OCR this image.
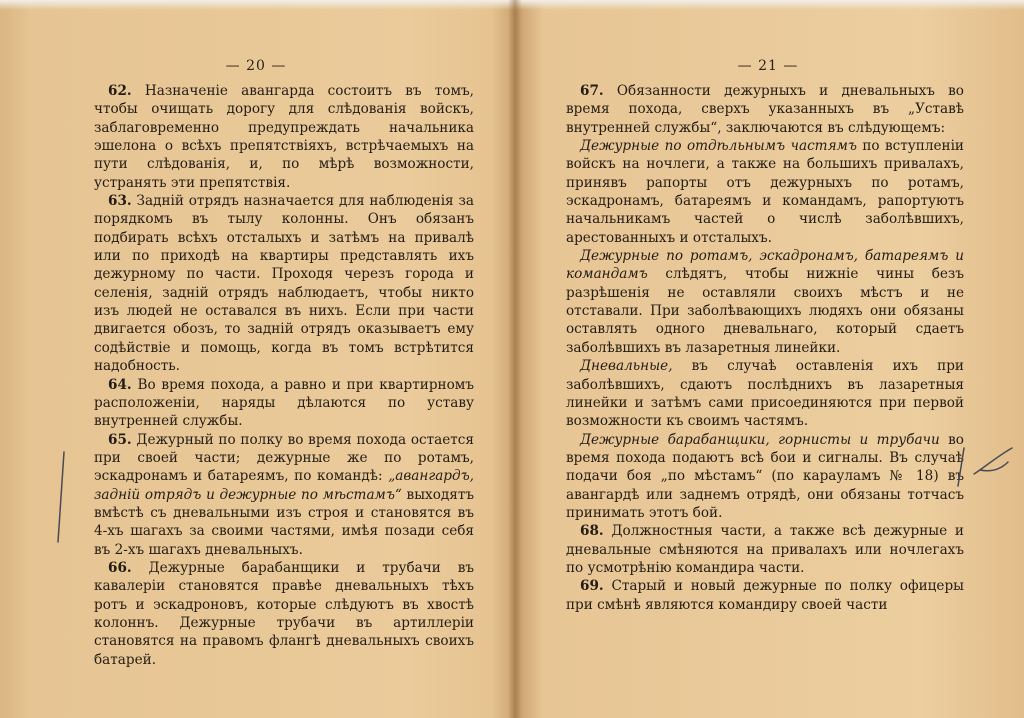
— 20 —

62. Назначеніе авангарда состоитъ въ томъ, чтобы очищать дорогу для слѣдованія войскъ, заблаговременно предупреждать начальника эшелона о всѣхъ препятствіяхъ, встрѣчаемыхъ на пути слѣдованія, и, по мѣрѣ возможности, устранять эти препятствія.

63. Задній отрядъ назначается для наблюденія за порядкомъ въ тылу колонны. Онъ обязанъ подбирать всѣхъ отсталыхъ и затѣмъ на привалѣ или по приходѣ на квартиры представлять ихъ дежурному по части. Проходя черезъ города и селенія, задній отрядъ наблюдаетъ, чтобы никто изъ людей не оставался въ нихъ. Если при части двигается обозъ, то задній отрядъ оказываетъ ему содѣйствіе и помощь, когда въ томъ встрѣтится надобность.

64. Во время похода, а равно и при квартирномъ расположеніи, наряды дѣлаются по уставу внутренней службы.

65. Дежурный по полку во время похода остается при своей части; дежурные же по ротамъ, эскадронамъ и батареямъ, по командѣ: „авангардъ, задній отрядъ и дежурные по мѣстамъ“ выходятъ вмѣстѣ съ дневальными изъ строя и становятся въ 4-хъ шагахъ за своими частями, имѣя позади себя въ 2-хъ шагахъ дневальныхъ.

66. Дежурные барабанщики и трубачи въ кавалеріи становятся правѣе дневальныхъ тѣхъ ротъ и эскадроновъ, которые слѣдуютъ въ хвостѣ колоннъ. Дежурные трубачи въ артиллеріи становятся на правомъ флангѣ дневальныхъ своихъ батарей.

— 21 —

67. Обязанности дежурныхъ и дневальныхъ во время похода, сверхъ указанныхъ въ „Уставѣ внутренней службы“, заключаются въ слѣдующемъ:

Дежурные по отдѣльнымъ частямъ по вступленіи войскъ на ночлеги, а также на большихъ привалахъ, принявъ рапорты отъ дежурныхъ по ротамъ, эскадронамъ, батареямъ и командамъ, рапортуютъ начальникамъ частей о числѣ заболѣвшихъ, арестованныхъ и отсталыхъ.

Дежурные по ротамъ, эскадронамъ, батареямъ и командамъ слѣдятъ, чтобы нижніе чины безъ разрѣшенія не оставляли своихъ мѣстъ и не отставали. При заболѣвающихъ людяхъ они обязаны оставлять одного дневальнаго, который сдаетъ заболѣвшихъ въ лазаретныя линейки.

Дневальные, въ случаѣ оставленія ихъ при заболѣвшихъ, сдаютъ послѣднихъ въ лазаретныя линейки и затѣмъ сами присоединяются при первой возможности къ своимъ частямъ.

Дежурные барабанщики, горнисты и трубачи во время похода подаютъ всѣ бои и сигналы. Въ случаѣ подачи боя „по мѣстамъ“ (по карауламъ № 18) въ авангардѣ или заднемъ отрядѣ, они обязаны тотчасъ принимать этотъ бой.

68. Должностныя части, а также всѣ дежурные и дневальные смѣняются на привалахъ или ночлегахъ по усмотрѣнію командира части.

69. Старый и новый дежурные по полку офицеры при смѣнѣ являются командиру своей части
